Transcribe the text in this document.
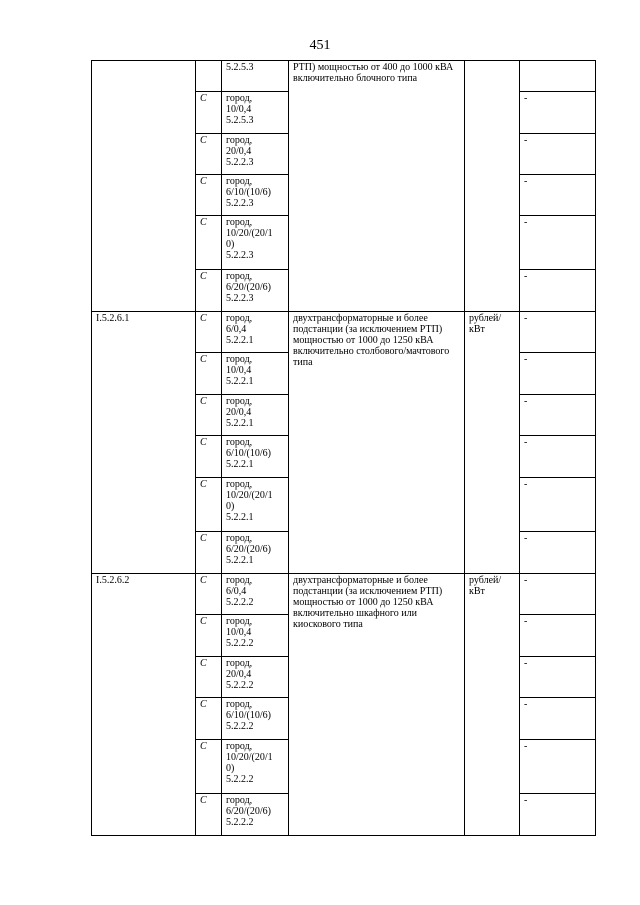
451
		5.2.5.3	РТП) мощностью от 400 до 1000 кВА включительно блочного типа		
	С	город,
10/0,4
5.2.5.3			-
	С	город,
20/0,4
5.2.2.3			-
	С	город,
6/10/(10/6)
5.2.2.3			-
	С	город,
10/20/(20/1
0)
5.2.2.3			-
	С	город,
6/20/(20/6)
5.2.2.3			-
I.5.2.6.1	С	город,
6/0,4
5.2.2.1	двухтрансформаторные и более подстанции (за исключением РТП) мощностью от 1000 до 1250 кВА включительно столбового/мачтового типа	рублей/
кВт	-
	С	город,
10/0,4
5.2.2.1			-
	С	город,
20/0,4
5.2.2.1			-
	С	город,
6/10/(10/6)
5.2.2.1			-
	С	город,
10/20/(20/1
0)
5.2.2.1			-
	С	город,
6/20/(20/6)
5.2.2.1			-
I.5.2.6.2	С	город,
6/0,4
5.2.2.2	двухтрансформаторные и более подстанции (за исключением РТП) мощностью от 1000 до 1250 кВА включительно шкафного или киоскового типа	рублей/
кВт	-
	С	город,
10/0,4
5.2.2.2			-
	С	город,
20/0,4
5.2.2.2			-
	С	город,
6/10/(10/6)
5.2.2.2			-
	С	город,
10/20/(20/1
0)
5.2.2.2			-
	С	город,
6/20/(20/6)
5.2.2.2			-
